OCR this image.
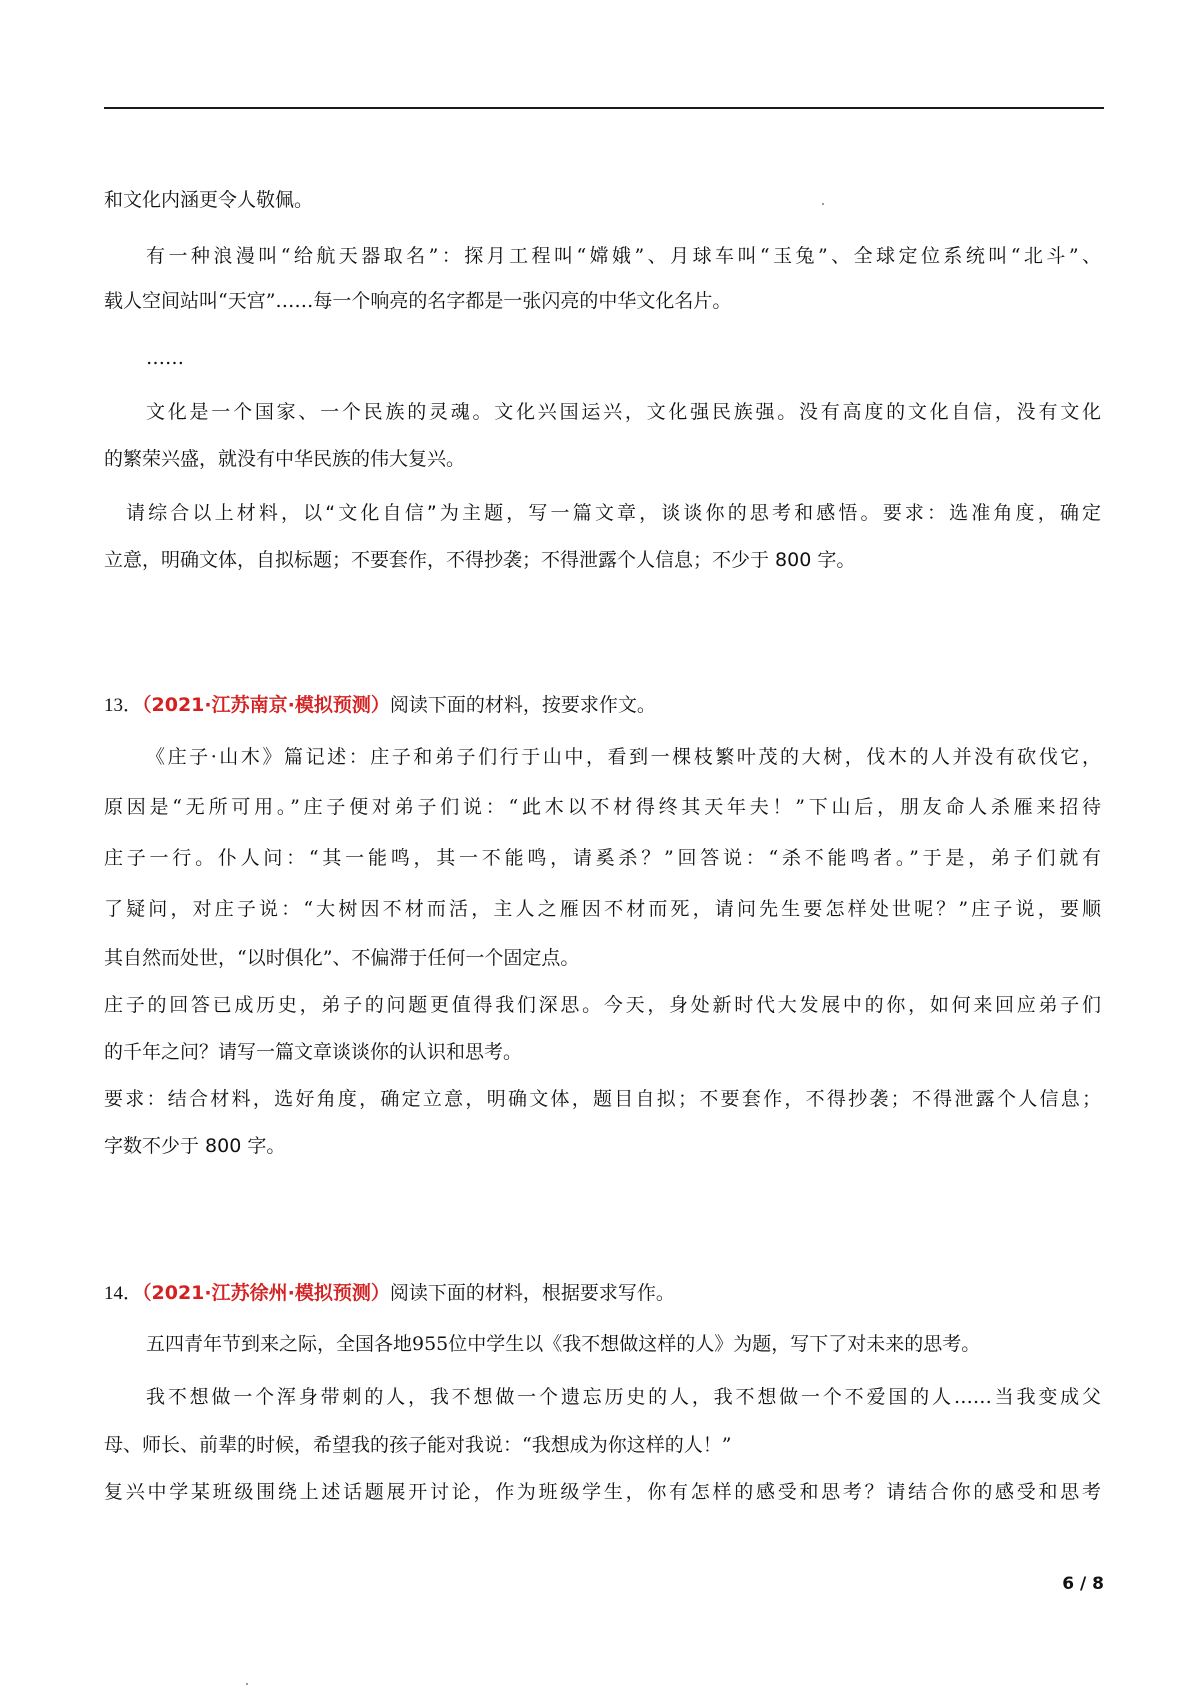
和文化内涵更令人敬佩。
有一种浪漫叫“给航天器取名”：探月工程叫“嫦娥”、月球车叫“玉兔”、全球定位系统叫“北斗”、
载人空间站叫“天宫”……每一个响亮的名字都是一张闪亮的中华文化名片。
……
文化是一个国家、一个民族的灵魂。文化兴国运兴，文化强民族强。没有高度的文化自信，没有文化
的繁荣兴盛，就没有中华民族的伟大复兴。
请综合以上材料，以“文化自信”为主题，写一篇文章，谈谈你的思考和感悟。要求：选准角度，确定
立意，明确文体，自拟标题；不要套作，不得抄袭；不得泄露个人信息；不少于 800 字。
13．（2021·江苏南京·模拟预测）阅读下面的材料，按要求作文。
《庄子·山木》篇记述：庄子和弟子们行于山中，看到一棵枝繁叶茂的大树，伐木的人并没有砍伐它，
原因是“无所可用。”庄子便对弟子们说：“此木以不材得终其天年夫！”下山后，朋友命人杀雁来招待
庄子一行。仆人问：“其一能鸣，其一不能鸣，请奚杀？”回答说：“杀不能鸣者。”于是，弟子们就有
了疑问，对庄子说：“大树因不材而活，主人之雁因不材而死，请问先生要怎样处世呢？”庄子说，要顺
其自然而处世，“以时俱化”、不偏滞于任何一个固定点。
庄子的回答已成历史，弟子的问题更值得我们深思。今天，身处新时代大发展中的你，如何来回应弟子们
的千年之问？请写一篇文章谈谈你的认识和思考。
要求：结合材料，选好角度，确定立意，明确文体，题目自拟；不要套作，不得抄袭；不得泄露个人信息；
字数不少于 800 字。
14．（2021·江苏徐州·模拟预测）阅读下面的材料，根据要求写作。
五四青年节到来之际，全国各地955位中学生以《我不想做这样的人》为题，写下了对未来的思考。
我不想做一个浑身带刺的人，我不想做一个遗忘历史的人，我不想做一个不爱国的人……当我变成父
母、师长、前辈的时候，希望我的孩子能对我说：“我想成为你这样的人！”
复兴中学某班级围绕上述话题展开讨论，作为班级学生，你有怎样的感受和思考？请结合你的感受和思考
6 / 8
